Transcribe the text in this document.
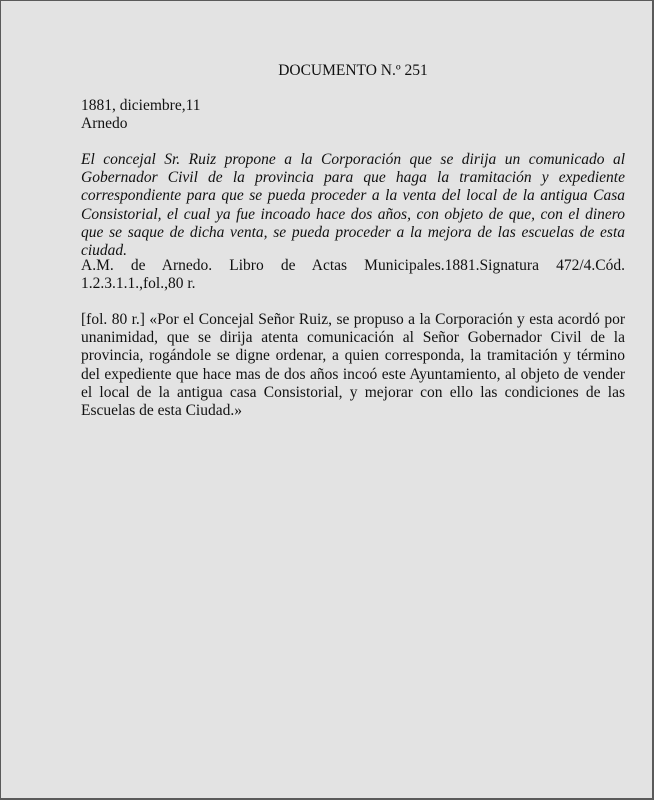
DOCUMENTO N.º 251
1881, diciembre,11
Arnedo
El concejal Sr. Ruiz propone a la Corporación que se dirija un comunicado al Gobernador Civil de la provincia para que haga la tramitación y expediente correspondiente para que se pueda proceder a la venta del local de la antigua Casa Consistorial, el cual ya fue incoado hace dos años, con objeto de que, con el dinero que se saque de dicha venta, se pueda proceder a la mejora de las escuelas de esta ciudad.
A.M. de Arnedo. Libro de Actas Municipales.1881.Signatura 472/4.Cód. 1.2.3.1.1.,fol.,80 r.
[fol. 80 r.] «Por el Concejal Señor Ruiz, se propuso a la Corporación y esta acordó por unanimidad, que se dirija atenta comunicación al Señor Gobernador Civil de la provincia, rogándole se digne ordenar, a quien corresponda, la tramitación y término del expediente que hace mas de dos años incoó este Ayuntamiento, al objeto de vender el local de la antigua casa Consistorial, y mejorar con ello las condiciones de las Escuelas de esta Ciudad.»
